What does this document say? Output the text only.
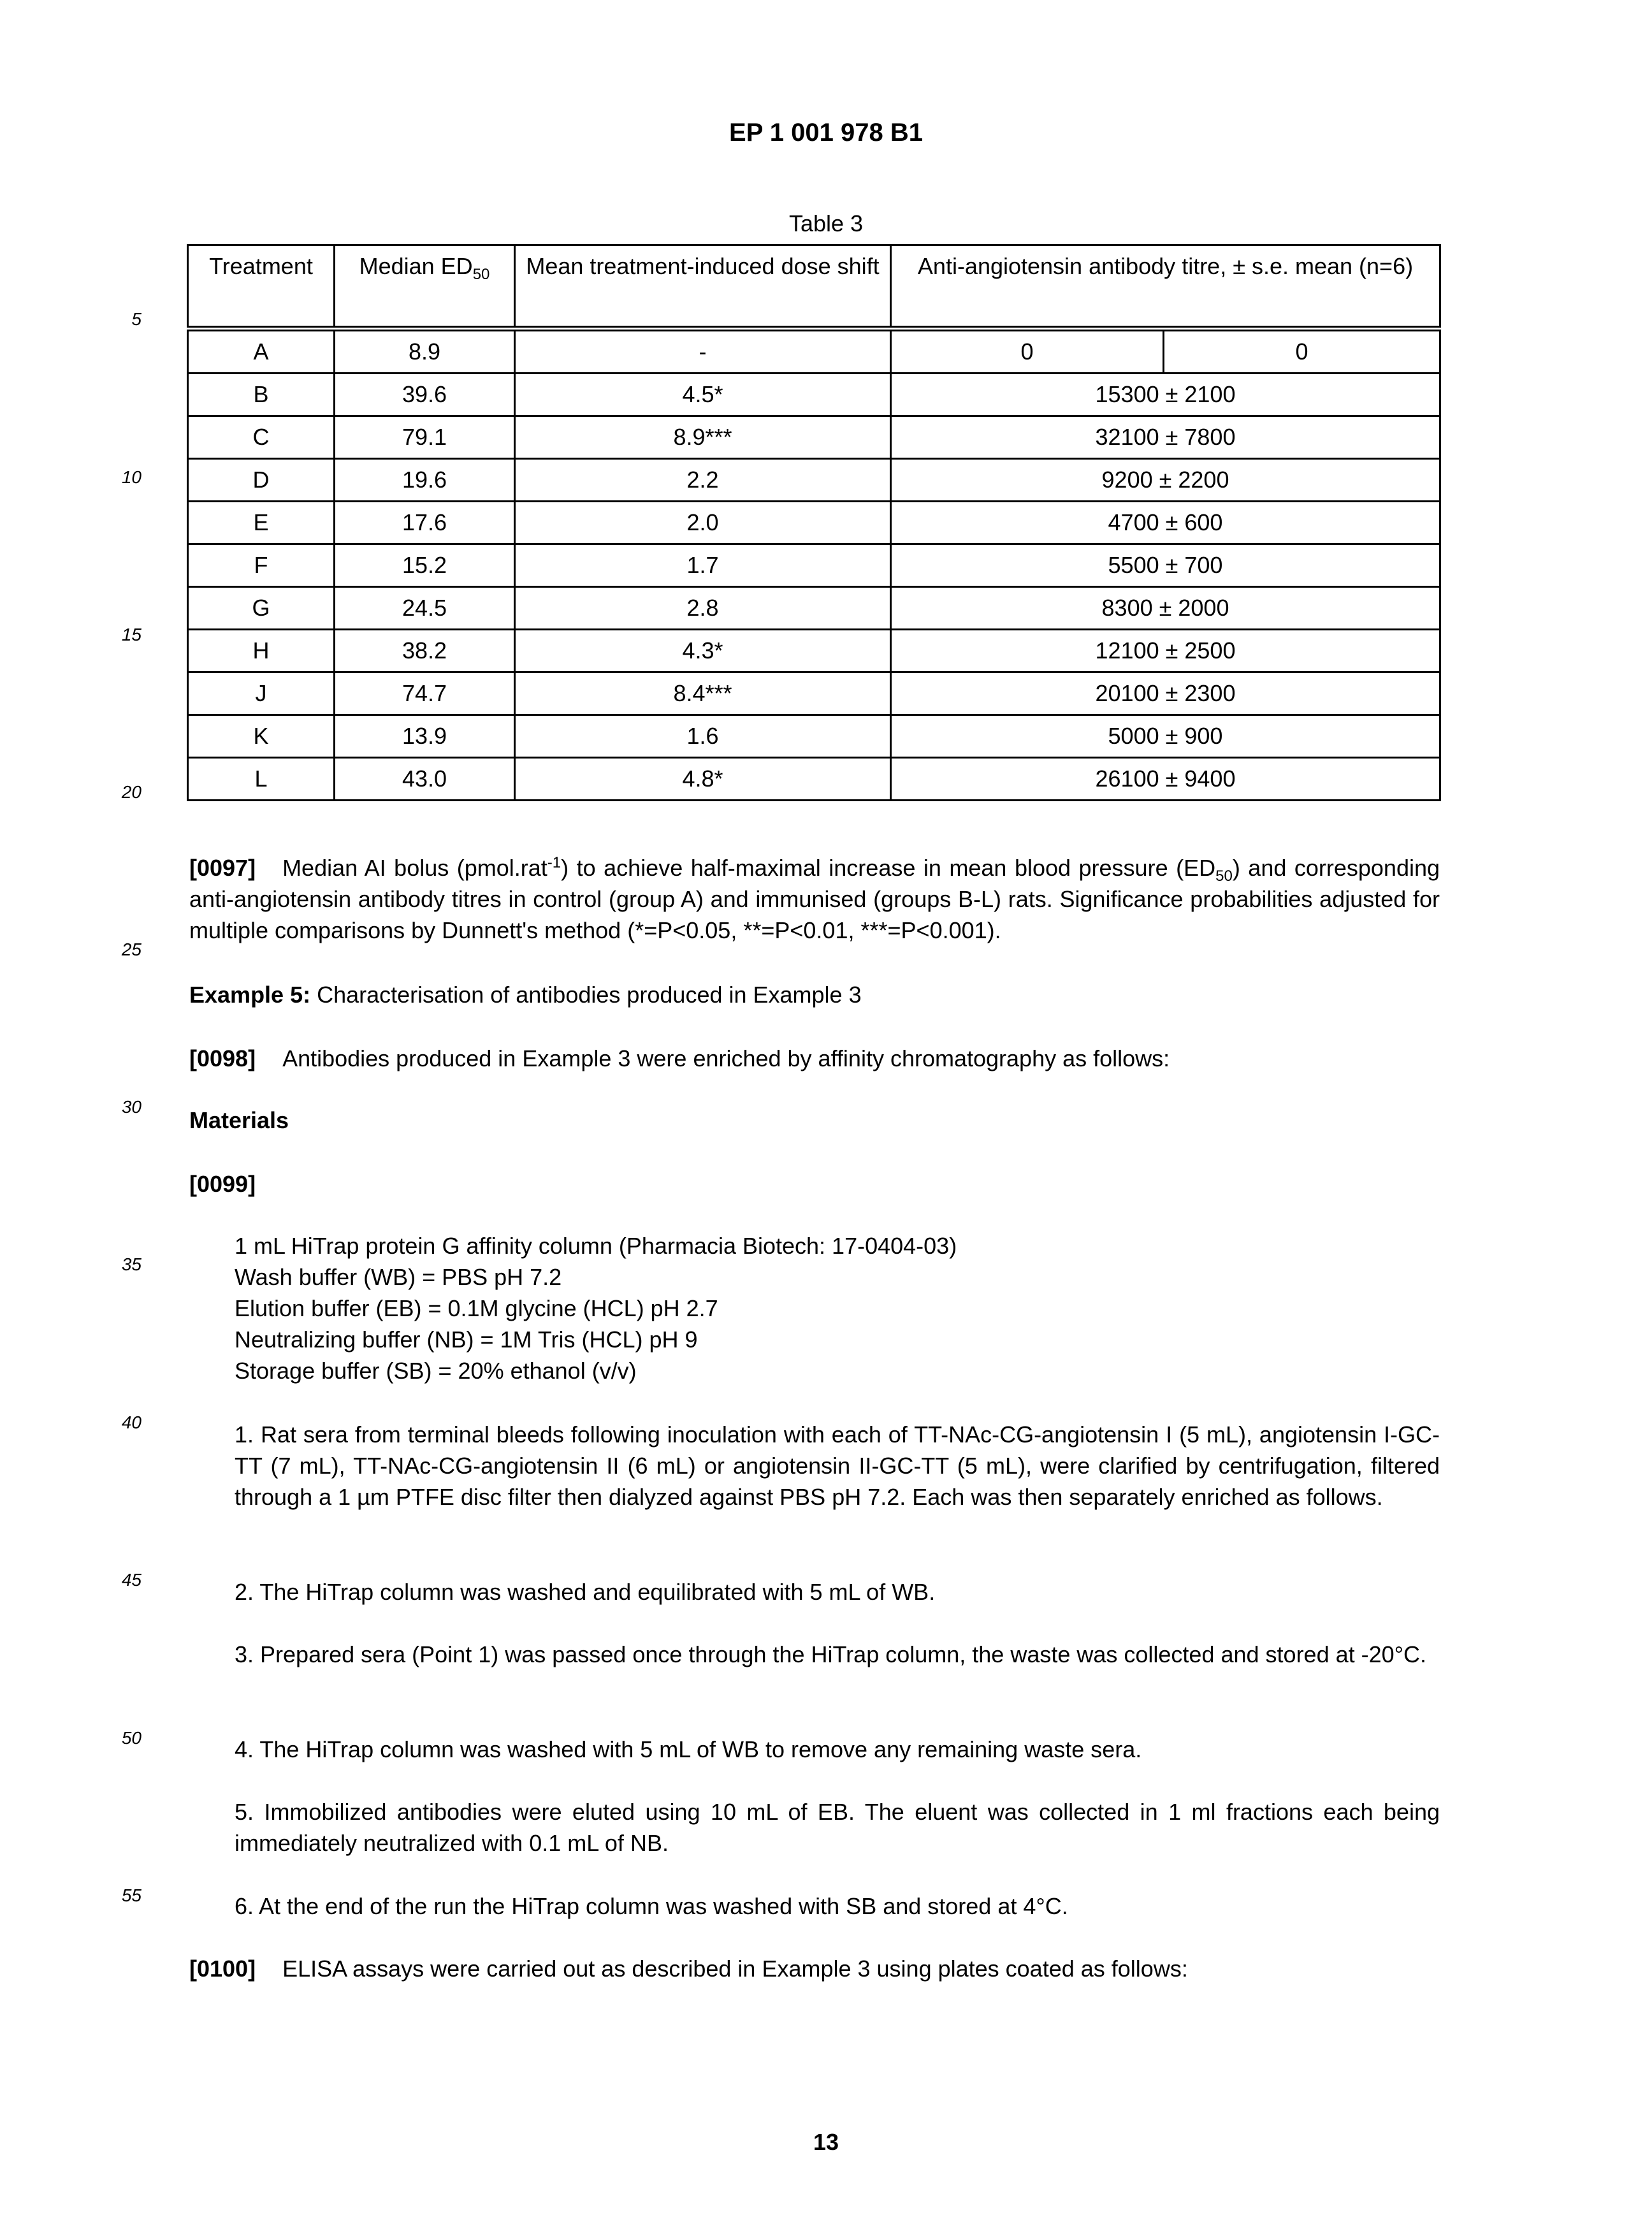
EP 1 001 978 B1
Table 3
Treatment	Median $ED_{50}$	Mean treatment-induced dose shift	Anti-angiotensin antibody titre, ± s.e. mean (n=6)	
A	8.9	-	0	0
B	39.6	4.5*	15300 ± 2100	
C	79.1	8.9***	32100 ± 7800	
D	19.6	2.2	9200 ± 2200	
E	17.6	2.0	4700 ± 600	
F	15.2	1.7	5500 ± 700	
G	24.5	2.8	8300 ± 2000	
H	38.2	4.3*	12100 ± 2500	
J	74.7	8.4***	20100 ± 2300	
K	13.9	1.6	5000 ± 900	
L	43.0	4.8*	26100 ± 9400	
5
10
15
20
25
30
35
40
45
50
55
[0097] Median AI bolus (pmol.rat$^{-1}$) to achieve half-maximal increase in mean blood pressure $(ED_{50})$ and corresponding anti-angiotensin antibody titres in control (group A) and immunised (groups B-L) rats. Significance probabilities adjusted for multiple comparisons by Dunnett's method (*=P<0.05, **=P<0.01, ***=P<0.001).
Example 5: Characterisation of antibodies produced in Example 3
[0098] Antibodies produced in Example 3 were enriched by affinity chromatography as follows:
Materials
[0099]
1 mL HiTrap protein G affinity column (Pharmacia Biotech: 17-0404-03)
Wash buffer (WB) = PBS pH 7.2
Elution buffer (EB) = 0.1M glycine (HCL) pH 2.7
Neutralizing buffer (NB) = 1M Tris (HCL) pH 9
Storage buffer (SB) = 20% ethanol (v/v)
1. Rat sera from terminal bleeds following inoculation with each of TT-NAc-CG-angiotensin I (5 mL), angiotensin I-GC-TT (7 mL), TT-NAc-CG-angiotensin II (6 mL) or angiotensin II-GC-TT (5 mL), were clarified by centrifugation, filtered through a 1 µm PTFE disc filter then dialyzed against PBS pH 7.2. Each was then separately enriched as follows.
2. The HiTrap column was washed and equilibrated with 5 mL of WB.
3. Prepared sera (Point 1) was passed once through the HiTrap column, the waste was collected and stored at -20°C.
4. The HiTrap column was washed with 5 mL of WB to remove any remaining waste sera.
5. Immobilized antibodies were eluted using 10 mL of EB. The eluent was collected in 1 ml fractions each being immediately neutralized with 0.1 mL of NB.
6. At the end of the run the HiTrap column was washed with SB and stored at 4°C.
[0100] ELISA assays were carried out as described in Example 3 using plates coated as follows:
13
